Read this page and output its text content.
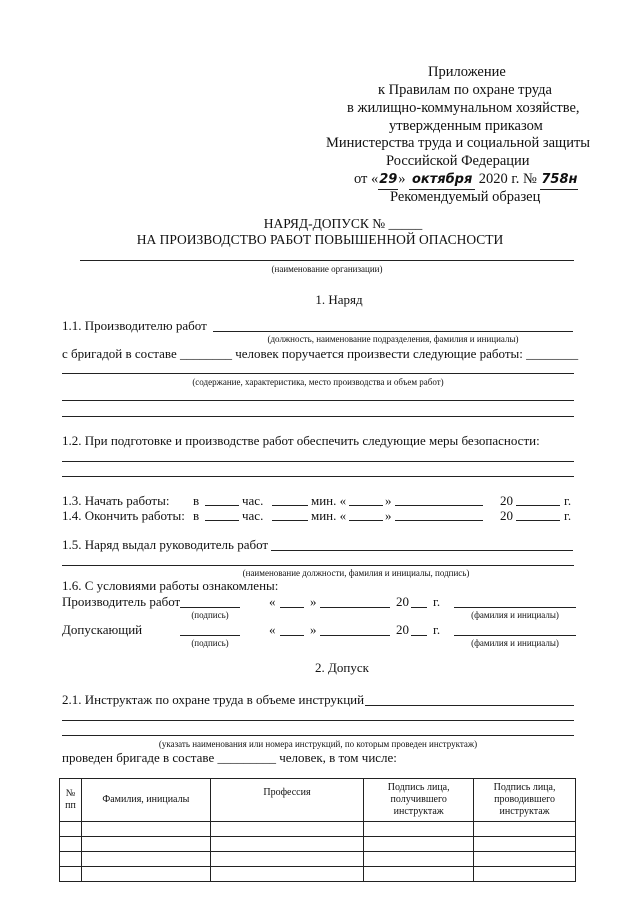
Приложение
к Правилам по охране труда
в жилищно-коммунальном хозяйстве,
утвержденным приказом
Министерства труда и социальной защиты
Российской Федерации
от «29» октября 2020 г. № 758н
Рекомендуемый образец
НАРЯД-ДОПУСК № _____
НА ПРОИЗВОДСТВО РАБОТ ПОВЫШЕННОЙ ОПАСНОСТИ
(наименование организации)
1. Наряд
1.1. Производителю работ
(должность, наименование подразделения, фамилия и инициалы)
с бригадой в составе ________ человек поручается произвести следующие работы: ________
(содержание, характеристика, место производства и объем работ)
1.2. При подготовке и производстве работ обеспечить следующие меры безопасности:
1.3. Начать работы: в	час.	мин. «	»	20	г.
1.4. Окончить работы: в	час.	мин. «	»	20	г.
1.5. Наряд выдал руководитель работ
(наименование должности, фамилия и инициалы, подпись)
1.6. С условиями работы ознакомлены:
Производитель работ
(подпись)
«	»	20 г.
(фамилия и инициалы)
Допускающий
(подпись)
«	»	20 г.
(фамилия и инициалы)
2. Допуск
2.1. Инструктаж по охране труда в объеме инструкций
(указать наименования или номера инструкций, по которым проведен инструктаж)
проведен бригаде в составе _________ человек, в том числе:
№
пп	Фамилия, инициалы	Профессия	Подпись лица, получившего инструктаж	Подпись лица, проводившего инструктаж
